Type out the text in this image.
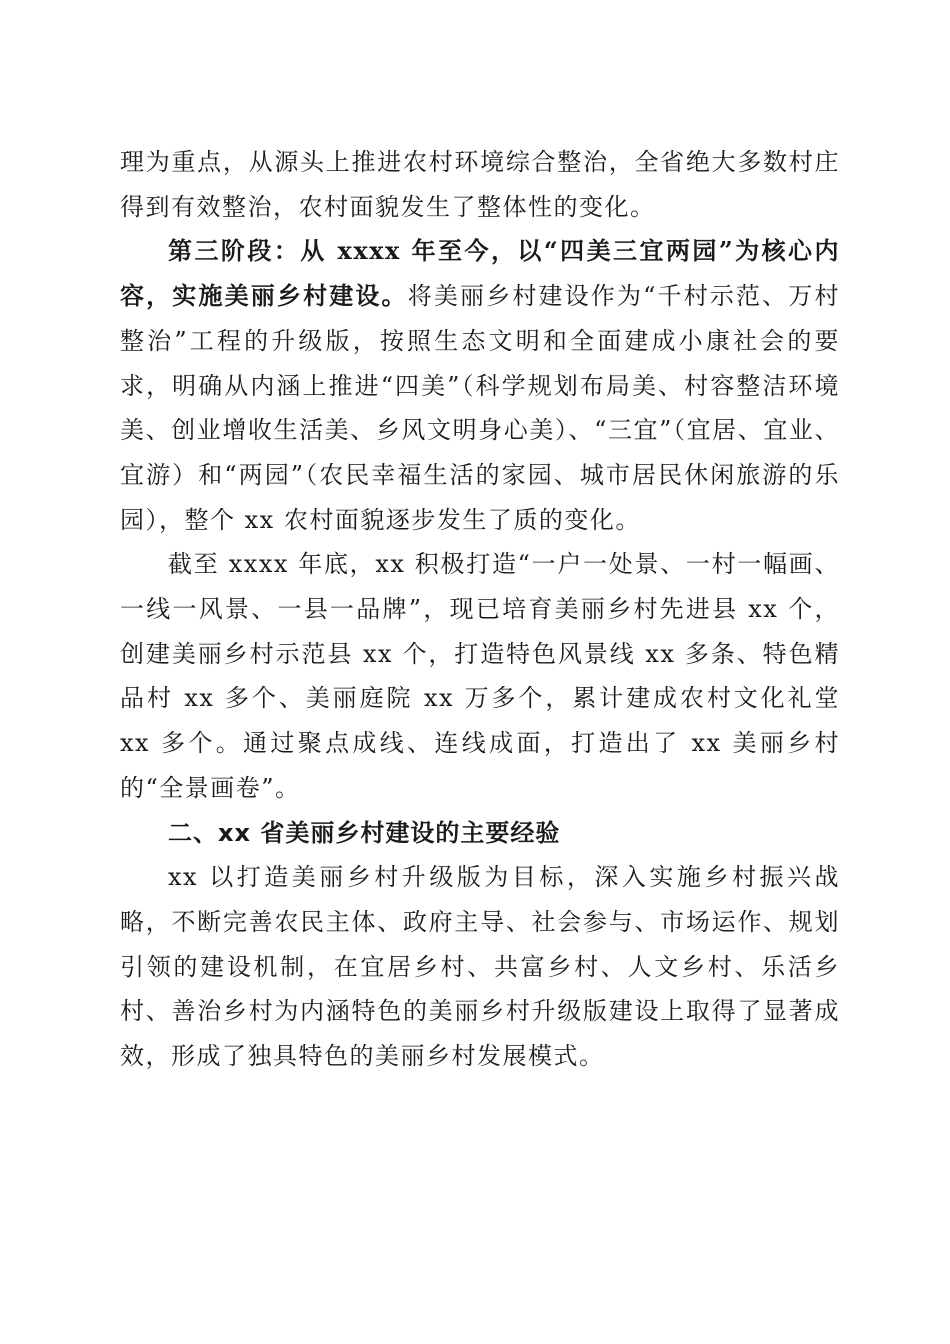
理为重点，从源头上推进农村环境综合整治，全省绝大多数村庄得到有效整治，农村面貌发生了整体性的变化。

第三阶段：从 xxxx 年至今，以“四美三宜两园”为核心内容，实施美丽乡村建设。将美丽乡村建设作为“千村示范、万村整治”工程的升级版，按照生态文明和全面建成小康社会的要求，明确从内涵上推进“四美”（科学规划布局美、村容整洁环境美、创业增收生活美、乡风文明身心美）、“三宜”（宜居、宜业、宜游）和“两园”（农民幸福生活的家园、城市居民休闲旅游的乐园），整个 xx 农村面貌逐步发生了质的变化。

截至 xxxx 年底，xx 积极打造“一户一处景、一村一幅画、一线一风景、一县一品牌”，现已培育美丽乡村先进县 xx 个，创建美丽乡村示范县 xx 个，打造特色风景线 xx 多条、特色精品村 xx 多个、美丽庭院 xx 万多个，累计建成农村文化礼堂 xx 多个。通过聚点成线、连线成面，打造出了 xx 美丽乡村的“全景画卷”。

二、xx 省美丽乡村建设的主要经验

xx 以打造美丽乡村升级版为目标，深入实施乡村振兴战略，不断完善农民主体、政府主导、社会参与、市场运作、规划引领的建设机制，在宜居乡村、共富乡村、人文乡村、乐活乡村、善治乡村为内涵特色的美丽乡村升级版建设上取得了显著成效，形成了独具特色的美丽乡村发展模式。
